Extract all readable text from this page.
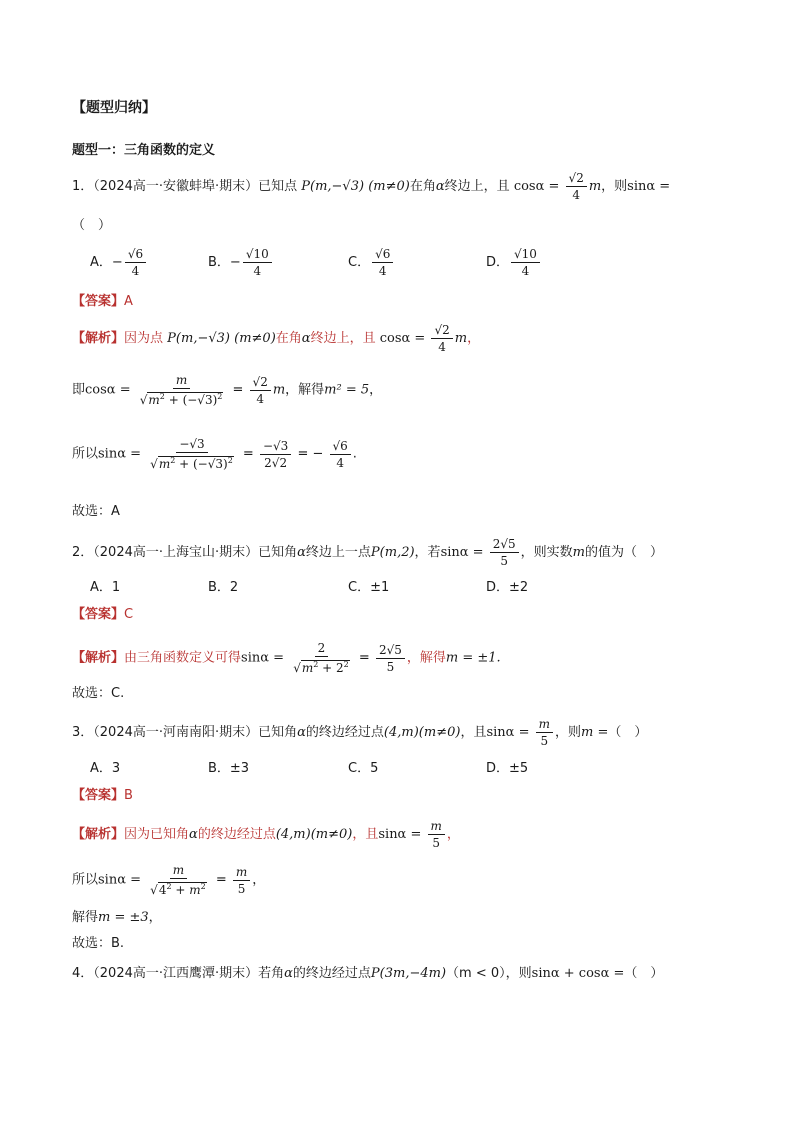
【题型归纳】
题型一：三角函数的定义
1．（2024高一·安徽蚌埠·期末）已知点 P(m,−√3) (m≠0)在角α终边上，且 $\cos\alpha = \frac{√2}{4}$ m，则sinα =
（　）
A．− $\frac{√6}{4}$	B．− $\frac{√10}{4}$	C． $\frac{√6}{4}$	D． $\frac{√10}{4}$
【答案】A
【解析】因为点 P(m,−√3) (m≠0)在角α终边上，且 $\cos\alpha = \frac{√2}{4}$ m，
即$\cos\alpha = \frac{m}{√m^2 + (-√3)^2} = \frac{√2}{4}$ m，解得m² = 5，
所以$\sin\alpha = \frac{-√3}{√m^2 + (-√3)^2} = \frac{-√3}{2√2}$ = − $\frac{√6}{4}$ .
故选：A
2．（2024高一·上海宝山·期末）已知角α终边上一点P(m,2)，若$\sin\alpha = \frac{2√5}{5}$ ，则实数m的值为（　）
A．1	B．2	C．±1	D．±2
【答案】C
【解析】由三角函数定义可得$\sin\alpha = \frac{2}{√m^2 + 2^2} = \frac{2√5}{5}$ ，解得m = ±1.
故选：C.
3．（2024高一·河南南阳·期末）已知角α的终边经过点(4,m)(m≠0)，且$\sin\alpha = \frac{m}{5}$ ，则m =（　）
A．3	B．±3	C．5	D．±5
【答案】B
【解析】因为已知角α的终边经过点(4,m)(m≠0)，且$\sin\alpha = \frac{m}{5}$ ，
所以$\sin\alpha = \frac{m}{√4^2 + m^2} = \frac{m}{5}$ ，
解得m = ±3，
故选：B.
4．（2024高一·江西鹰潭·期末）若角α的终边经过点P(3m,−4m)（m < 0），则sinα + cosα =（　）
